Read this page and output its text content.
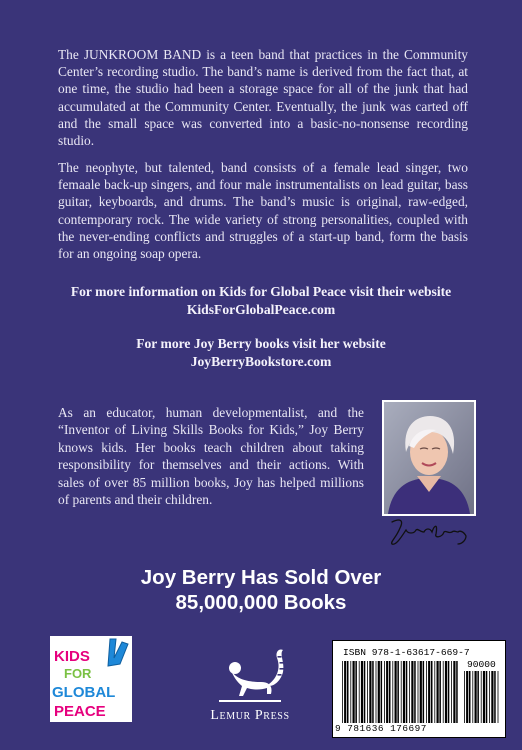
The JUNKROOM BAND is a teen band that practices in the Community Center’s recording studio. The band’s name is derived from the fact that, at one time, the studio had been a storage space for all of the junk that had accumulated at the Community Center. Eventually, the junk was carted off and the small space was converted into a basic-no-nonsense recording studio.

The neophyte, but talented, band consists of a female lead singer, two femaale back-up singers, and four male instrumentalists on lead guitar, bass guitar, keyboards, and drums. The band’s music is original, raw-edged, contemporary rock. The wide variety of strong personalities, coupled with the never-ending conflicts and struggles of a start-up band, form the basis for an ongoing soap opera.

For more information on Kids for Global Peace visit their website
KidsForGlobalPeace.com
For more Joy Berry books visit her website
JoyBerryBookstore.com

As an educator, human developmentalist, and the “Inventor of Living Skills Books for Kids,” Joy Berry knows kids. Her books teach children about taking responsibility for themselves and their actions. With sales of over 85 million books, Joy has helped millions of parents and their children.

Joy Berry Has Sold Over
85,000,000 Books
KIDS
FOR
GLOBAL
PEACE	Lemur Press
ISBN 978-1-63617-669-7
90000
9 781636 176697
